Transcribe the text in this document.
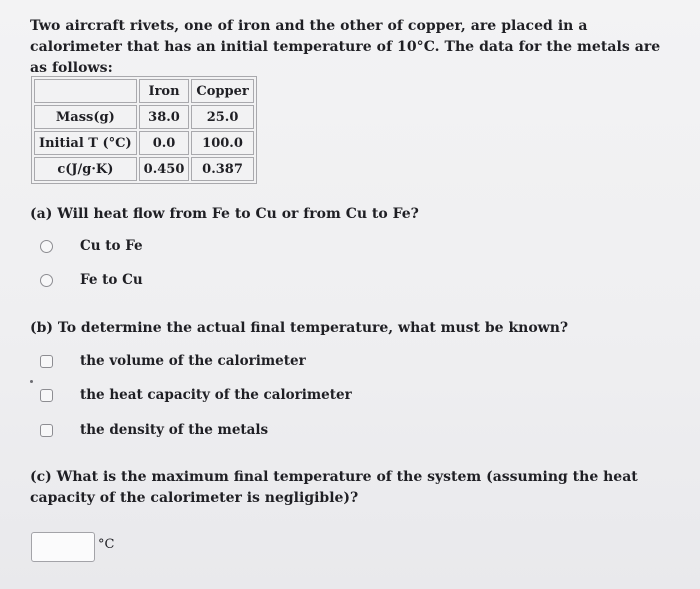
Two aircraft rivets, one of iron and the other of copper, are placed in a calorimeter that has an initial temperature of 10°C. The data for the metals are as follows:
	Iron	Copper
Mass(g)	38.0	25.0
Initial T (°C)	0.0	100.0
c(J/g·K)	0.450	0.387
(a) Will heat flow from Fe to Cu or from Cu to Fe?
Cu to Fe
Fe to Cu
(b) To determine the actual final temperature, what must be known?
the volume of the calorimeter
the heat capacity of the calorimeter
the density of the metals
(c) What is the maximum final temperature of the system (assuming the heat capacity of the calorimeter is negligible)?
°C
